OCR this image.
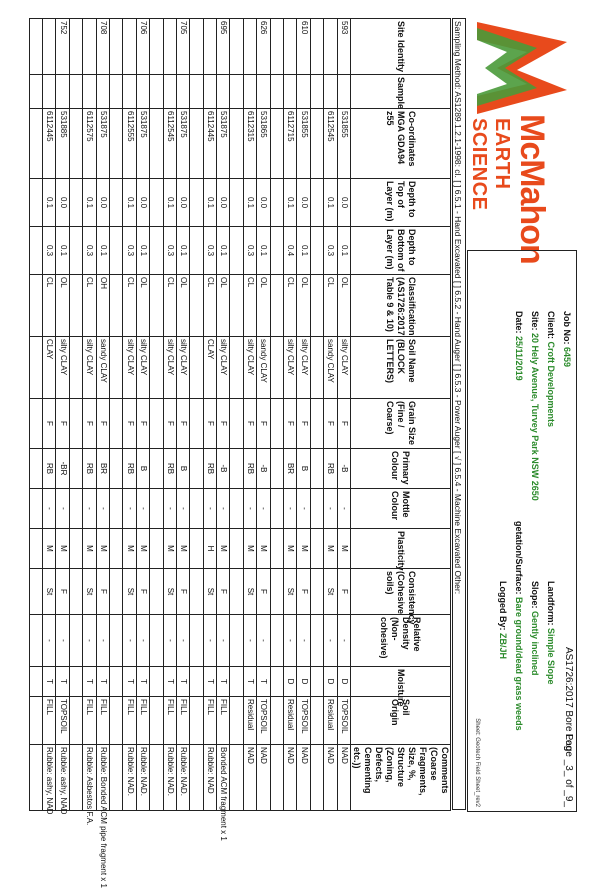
McMahon
EARTH SCIENCE
Job No: 6459
Client: Croft Developments
Site: 20 Hely Avenue, Turvey Park NSW 2650
Date: 25/11/2019
AS1726:2017 Bore Log
Landform: Simple Slope
Slope: Gently inclined
getation/Surface: Bare ground/dead grass weeds
Logged By: ZB/JH
Page _3_ of _9_
Sheet: Geotech Field Sheet_rev2
Sampling Method: AS1289.1.2.1-1998: cl. [ ] 6.5.1 - Hand Excavated [ ] 6.5.2 - Hand Auger [ ] 6.5.3 - Power Auger [ √ ] 6.5.4 - Machine Excavated Other:
Site Identity	Sample	Co-ordinates MGA GDA94 z55	Depth to Top of Layer (m)	Depth to Bottom of Layer (m)	Classification (AS1726:2017 Table 9 & 10)	Soil Name (BLOCK LETTERS)	Grain Size (Fine / Coarse)	Primary Colour	Mottle Colour	Plasticity	Consistency (Cohesive soils)	Relative Density (Non-cohesive)	Moisture	Soil Origin	Comments (Coarse Fragments, Size, %, Structure (Zoning, Defects, Cementing etc.))
593		531855	0.0	0.1	OL	silty CLAY	F	-B	-	M	F	-	D	TOPSOIL	NAD
		6112545	0.1	0.3	CL	sandy CLAY	F	RB	-	M	St	-	D	Residual	NAD

610		531855	0.0	0.1	OL	silty CLAY	F	B	-	M	F	-	D	TOPSOIL	NAD
		6112715	0.1	0.4	CL	silty CLAY	F	BR	-	M	St	-	D	Residual	NAD

626		531865	0.0	0.1	OL	sandy CLAY	F	-B	-	M	F	-	T	TOPSOIL	NAD
		6112315	0.1	0.3	CL	silty CLAY	F	RB	-	M	St	-	T	Residual	NAD

695		531875	0.0	0.1	OL	silty CLAY	F	-B	-	M	F	-	T	FILL	Bonded ACM fragment x 1
		6112445	0.1	0.3	CL	CLAY	F	RB	-	H	St	-	T	FILL	Rubble: NAD

705		531875	0.0	0.1	OL	silty CLAY	F	B	-	M	F	-	T	FILL	Rubble: NAD.
		6112545	0.1	0.3	CL	silty CLAY	F	RB	-	M	St	-	T	FILL	Rubble: NAD.

706		531875	0.0	0.1	OL	silty CLAY	F	B	-	M	F	-	T	FILL	Rubble: NAD.
		6112555	0.1	0.3	CL	silty CLAY	F	RB	-	M	St	-	T	FILL	Rubble: NAD.

708		531875	0.0	0.1	OH	sandy CLAY	F	BR	-	M	F	-	T	FILL	Rubble: Bonded ACM pipe fragment x 1
		6112575	0.1	0.3	CL	silty CLAY	F	RB	-	M	St	-	T	FILL	Rubble: Asbestos F.A.

752		531885	0.0	0.1	OL	silty CLAY	F	-BR	-	M	F	-	T	TOPSOIL	Rubble: ashy, NAD
		6112445	0.1	0.3	CL	CLAY	F	RB	-	M	St	-	T	FILL	Rubble: ashy, NAD
